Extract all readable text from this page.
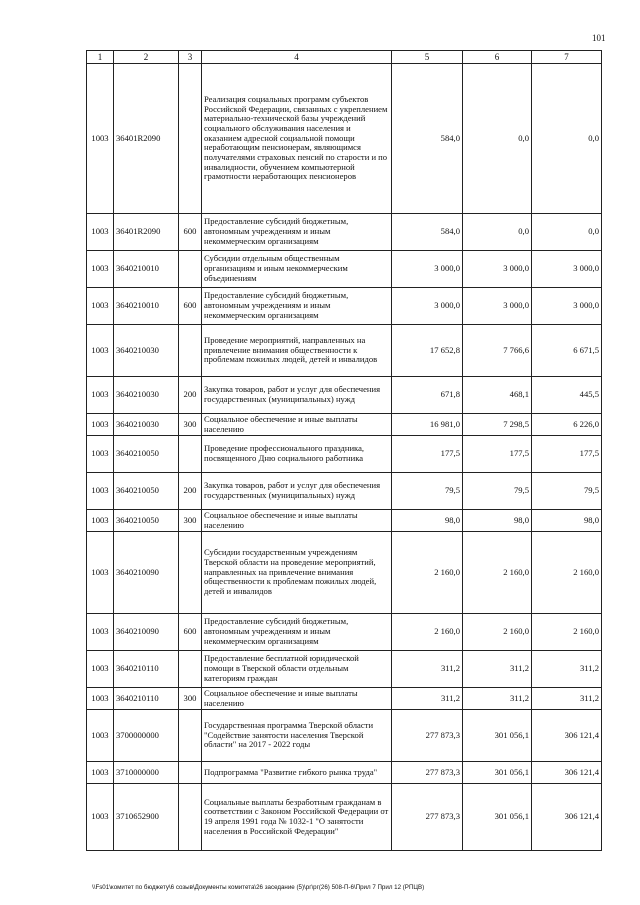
101
1	2	3	4	5	6	7
1003	36401R2090		Реализация социальных программ субъектов Российской Федерации, связанных с укреплением материально-технической базы учреждений социального обслуживания населения и оказанием адресной социальной помощи неработающим пенсионерам, являющимся получателями страховых пенсий по старости и по инвалидности, обучением компьютерной грамотности неработающих пенсионеров	584,0	0,0	0,0
1003	36401R2090	600	Предоставление субсидий бюджетным, автономным учреждениям и иным некоммерческим организациям	584,0	0,0	0,0
1003	3640210010		Субсидии отдельным общественным организациям и иным некоммерческим объединениям	3 000,0	3 000,0	3 000,0
1003	3640210010	600	Предоставление субсидий бюджетным, автономным учреждениям и иным некоммерческим организациям	3 000,0	3 000,0	3 000,0
1003	3640210030		Проведение мероприятий, направленных на привлечение внимания общественности к проблемам пожилых людей, детей и инвалидов	17 652,8	7 766,6	6 671,5
1003	3640210030	200	Закупка товаров, работ и услуг для обеспечения государственных (муниципальных) нужд	671,8	468,1	445,5
1003	3640210030	300	Социальное обеспечение и иные выплаты населению	16 981,0	7 298,5	6 226,0
1003	3640210050		Проведение профессионального праздника, посвященного Дню социального работника	177,5	177,5	177,5
1003	3640210050	200	Закупка товаров, работ и услуг для обеспечения государственных (муниципальных) нужд	79,5	79,5	79,5
1003	3640210050	300	Социальное обеспечение и иные выплаты населению	98,0	98,0	98,0
1003	3640210090		Субсидии государственным учреждениям Тверской области на проведение мероприятий, направленных на привлечение внимания общественности к проблемам пожилых людей, детей и инвалидов	2 160,0	2 160,0	2 160,0
1003	3640210090	600	Предоставление субсидий бюджетным, автономным учреждениям и иным некоммерческим организациям	2 160,0	2 160,0	2 160,0
1003	3640210110		Предоставление бесплатной юридической помощи в Тверской области отдельным категориям граждан	311,2	311,2	311,2
1003	3640210110	300	Социальное обеспечение и иные выплаты населению	311,2	311,2	311,2
1003	3700000000		Государственная программа Тверской области "Содействие занятости населения Тверской области" на 2017 - 2022 годы	277 873,3	301 056,1	306 121,4
1003	3710000000		Подпрограмма "Развитие гибкого рынка труда"	277 873,3	301 056,1	306 121,4
1003	3710652900		Социальные выплаты безработным гражданам в соответствии с Законом Российской Федерации от 19 апреля 1991 года № 1032-1 "О занятости населения в Российской Федерации"	277 873,3	301 056,1	306 121,4
\\Fs01\комитет по бюджету\6 созыв\Документы комитета\26 заседание (5)\рг\рг(26) 508-П-6\Прил 7 Прил 12 (РПЦВ)
